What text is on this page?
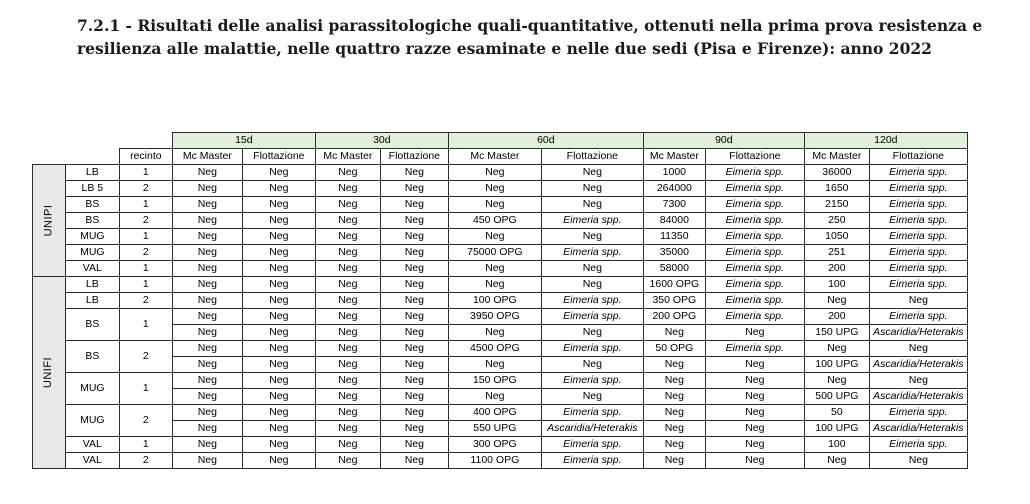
7.2.1 - Risultati delle analisi parassitologiche quali-quantitative, ottenuti nella prima prova resistenza e resilienza alle malattie, nelle quattro razze esaminate e nelle due sedi (Pisa e Firenze): anno 2022
			15d		30d		60d		90d		120d	
		recinto	Mc Master	Flottazione	Mc Master	Flottazione	Mc Master	Flottazione	Mc Master	Flottazione	Mc Master	Flottazione
UNIPI	LB	1	Neg	Neg	Neg	Neg	Neg	Neg	1000	Eimeria spp.	36000	Eimeria spp.
	LB 5	2	Neg	Neg	Neg	Neg	Neg	Neg	264000	Eimeria spp.	1650	Eimeria spp.
	BS	1	Neg	Neg	Neg	Neg	Neg	Neg	7300	Eimeria spp.	2150	Eimeria spp.
	BS	2	Neg	Neg	Neg	Neg	450 OPG	Eimeria spp.	84000	Eimeria spp.	250	Eimeria spp.
	MUG	1	Neg	Neg	Neg	Neg	Neg	Neg	11350	Eimeria spp.	1050	Eimeria spp.
	MUG	2	Neg	Neg	Neg	Neg	75000 OPG	Eimeria spp.	35000	Eimeria spp.	251	Eimeria spp.
	VAL	1	Neg	Neg	Neg	Neg	Neg	Neg	58000	Eimeria spp.	200	Eimeria spp.
UNIFI	LB	1	Neg	Neg	Neg	Neg	Neg	Neg	1600 OPG	Eimeria spp.	100	Eimeria spp.
	LB	2	Neg	Neg	Neg	Neg	100 OPG	Eimeria spp.	350 OPG	Eimeria spp.	Neg	Neg
	BS	1	Neg	Neg	Neg	Neg	3950 OPG	Eimeria spp.	200 OPG	Eimeria spp.	200	Eimeria spp.
			Neg	Neg	Neg	Neg	Neg	Neg	Neg	Neg	150 UPG	Ascaridia/Heterakis
	BS	2	Neg	Neg	Neg	Neg	4500 OPG	Eimeria spp.	50 OPG	Eimeria spp.	Neg	Neg
			Neg	Neg	Neg	Neg	Neg	Neg	Neg	Neg	100 UPG	Ascaridia/Heterakis
	MUG	1	Neg	Neg	Neg	Neg	150 OPG	Eimeria spp.	Neg	Neg	Neg	Neg
			Neg	Neg	Neg	Neg	Neg	Neg	Neg	Neg	500 UPG	Ascaridia/Heterakis
	MUG	2	Neg	Neg	Neg	Neg	400 OPG	Eimeria spp.	Neg	Neg	50	Eimeria spp.
			Neg	Neg	Neg	Neg	550 UPG	Ascaridia/Heterakis	Neg	Neg	100 UPG	Ascaridia/Heterakis
	VAL	1	Neg	Neg	Neg	Neg	300 OPG	Eimeria spp.	Neg	Neg	100	Eimeria spp.
	VAL	2	Neg	Neg	Neg	Neg	1100 OPG	Eimeria spp.	Neg	Neg	Neg	Neg
